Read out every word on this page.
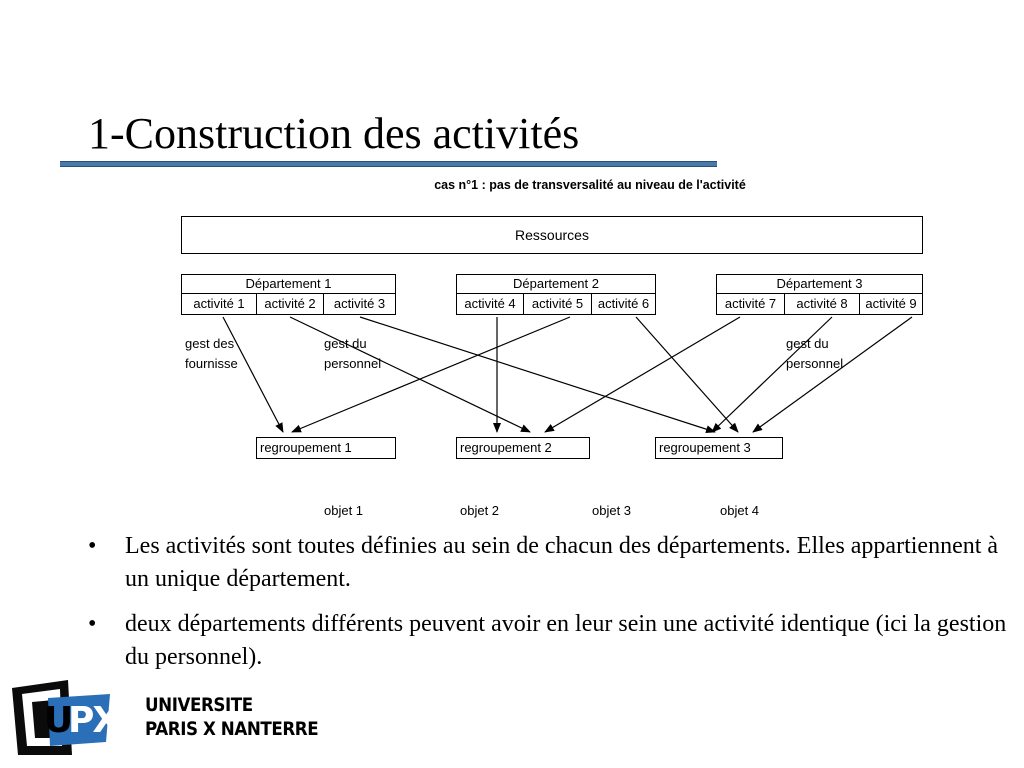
1-Construction des activités
cas n°1 : pas de transversalité au niveau de l'activité
Ressources
Département 1
activité 1	activité 2	activité 3
Département 2
activité 4	activité 5	activité 6
Département 3
activité 7	activité 8	activité 9
gest des
fournisse
gest du
personnel
gest du
personnel
regroupement 1	regroupement 2	regroupement 3
objet 1	objet 2	objet 3	objet 4
• Les activités sont toutes définies au sein de chacun des départements. Elles appartiennent à un unique département.
• deux départements différents peuvent avoir en leur sein une activité identique (ici la gestion du personnel).
U
PX UNIVERSITE
PARIS X NANTERRE
